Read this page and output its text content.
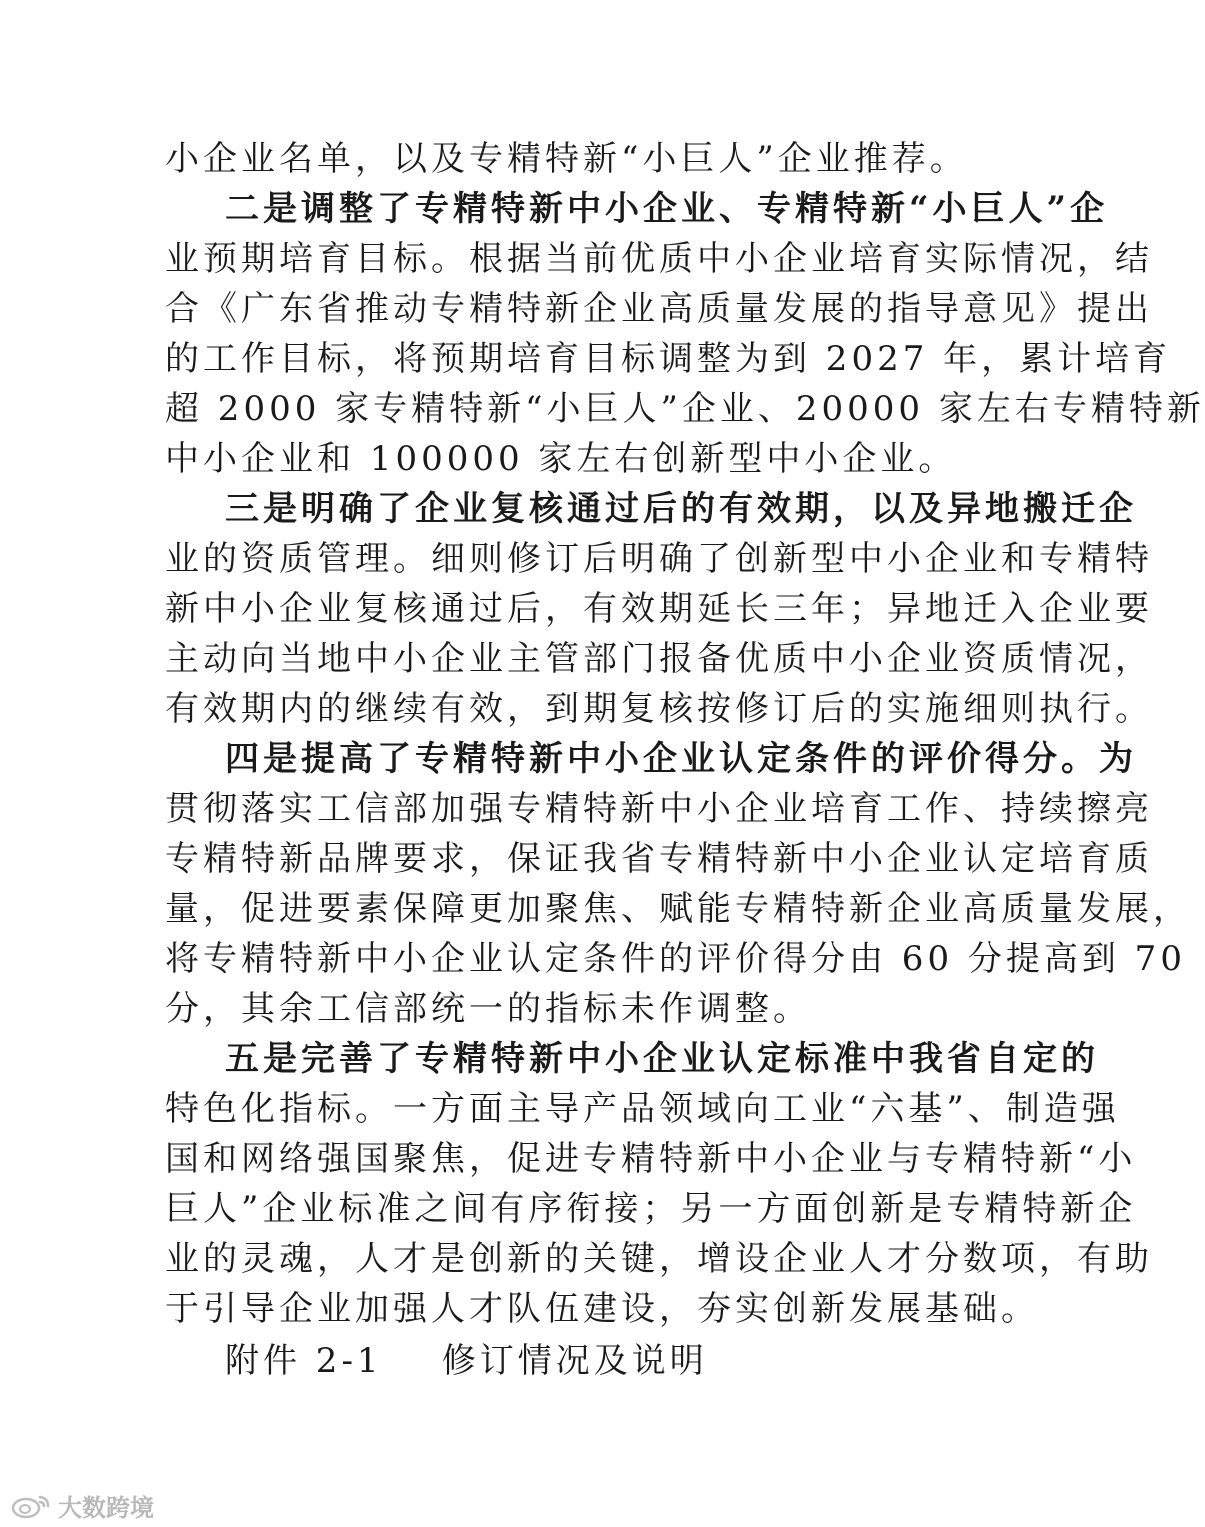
小企业名单，以及专精特新“小巨人”企业推荐。
二是调整了专精特新中小企业、专精特新“小巨人”企
业预期培育目标。根据当前优质中小企业培育实际情况，结
合《广东省推动专精特新企业高质量发展的指导意见》提出
的工作目标，将预期培育目标调整为到 2027 年，累计培育
超 2000 家专精特新“小巨人”企业、20000 家左右专精特新
中小企业和 100000 家左右创新型中小企业。
三是明确了企业复核通过后的有效期，以及异地搬迁企
业的资质管理。细则修订后明确了创新型中小企业和专精特
新中小企业复核通过后，有效期延长三年；异地迁入企业要
主动向当地中小企业主管部门报备优质中小企业资质情况，
有效期内的继续有效，到期复核按修订后的实施细则执行。
四是提高了专精特新中小企业认定条件的评价得分。为
贯彻落实工信部加强专精特新中小企业培育工作、持续擦亮
专精特新品牌要求，保证我省专精特新中小企业认定培育质
量，促进要素保障更加聚焦、赋能专精特新企业高质量发展，
将专精特新中小企业认定条件的评价得分由 60 分提高到 70
分，其余工信部统一的指标未作调整。
五是完善了专精特新中小企业认定标准中我省自定的
特色化指标。一方面主导产品领域向工业“六基”、制造强
国和网络强国聚焦，促进专精特新中小企业与专精特新“小
巨人”企业标准之间有序衔接；另一方面创新是专精特新企
业的灵魂，人才是创新的关键，增设企业人才分数项，有助
于引导企业加强人才队伍建设，夯实创新发展基础。
附件 2-1    修订情况及说明
大数跨境
